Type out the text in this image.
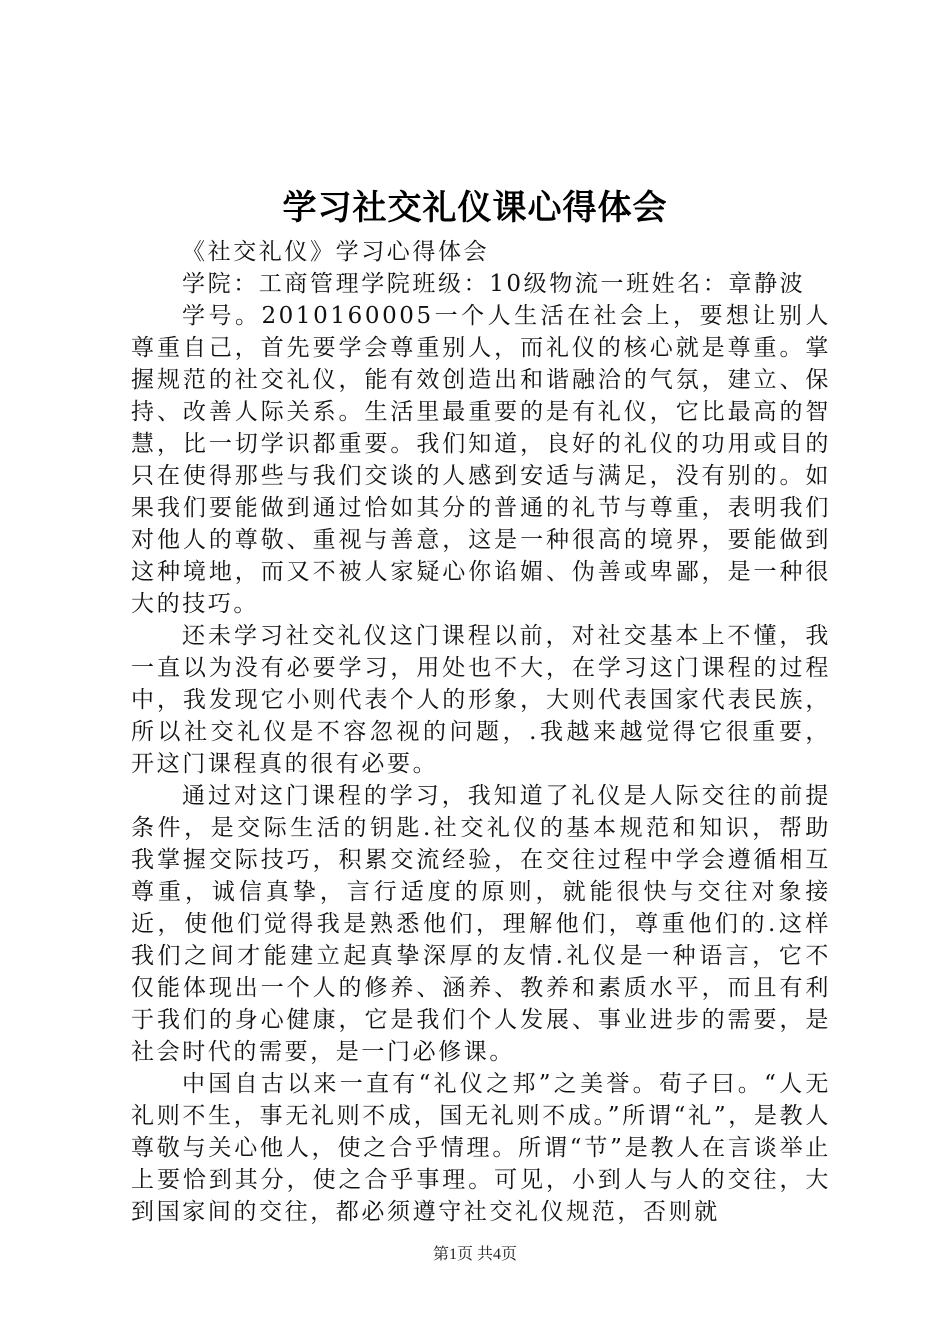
学习社交礼仪课心得体会

《社交礼仪》学习心得体会

学院：工商管理学院班级：10级物流一班姓名：章静波

学号。2010160005一个人生活在社会上，要想让别人尊重自己，首先要学会尊重别人，而礼仪的核心就是尊重。掌握规范的社交礼仪，能有效创造出和谐融洽的气氛，建立、保持、改善人际关系。生活里最重要的是有礼仪，它比最高的智慧，比一切学识都重要。我们知道，良好的礼仪的功用或目的只在使得那些与我们交谈的人感到安适与满足，没有别的。如果我们要能做到通过恰如其分的普通的礼节与尊重，表明我们对他人的尊敬、重视与善意，这是一种很高的境界，要能做到这种境地，而又不被人家疑心你谄媚、伪善或卑鄙，是一种很大的技巧。

还未学习社交礼仪这门课程以前，对社交基本上不懂，我一直以为没有必要学习，用处也不大，在学习这门课程的过程中，我发现它小则代表个人的形象，大则代表国家代表民族，所以社交礼仪是不容忽视的问题，.我越来越觉得它很重要，开这门课程真的很有必要。

通过对这门课程的学习，我知道了礼仪是人际交往的前提条件，是交际生活的钥匙.社交礼仪的基本规范和知识，帮助我掌握交际技巧，积累交流经验，在交往过程中学会遵循相互尊重，诚信真挚，言行适度的原则，就能很快与交往对象接近，使他们觉得我是熟悉他们，理解他们，尊重他们的.这样我们之间才能建立起真挚深厚的友情.礼仪是一种语言，它不仅能体现出一个人的修养、涵养、教养和素质水平，而且有利于我们的身心健康，它是我们个人发展、事业进步的需要，是社会时代的需要，是一门必修课。

中国自古以来一直有“礼仪之邦”之美誉。荀子曰。“人无礼则不生，事无礼则不成，国无礼则不成。”所谓“礼”，是教人尊敬与关心他人，使之合乎情理。所谓“节”是教人在言谈举止上要恰到其分，使之合乎事理。可见，小到人与人的交往，大到国家间的交往，都必须遵守社交礼仪规范，否则就

第1页 共4页
